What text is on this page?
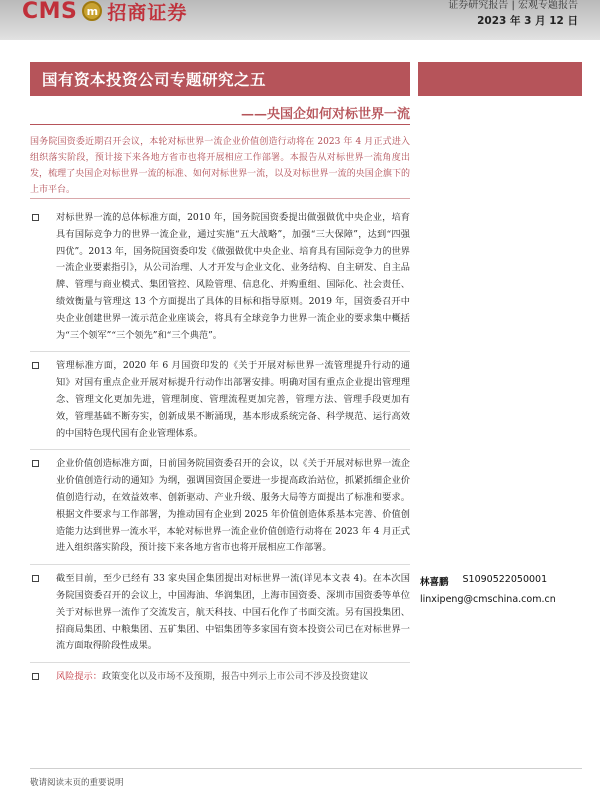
CMS m 招商证券	证券研究报告 | 宏观专题报告
2023 年 3 月 12 日
国有资本投资公司专题研究之五
——央国企如何对标世界一流
国务院国资委近期召开会议，本轮对标世界一流企业价值创造行动将在 2023 年 4 月正式进入组织落实阶段，预计接下来各地方省市也将开展相应工作部署。本报告从对标世界一流角度出发，梳理了央国企对标世界一流的标准、如何对标世界一流，以及对标世界一流的央国企旗下的上市平台。
对标世界一流的总体标准方面，2010 年，国务院国资委提出做强做优中央企业，培育具有国际竞争力的世界一流企业，通过实施“五大战略”，加强“三大保障”，达到“四强四优”。2013 年，国务院国资委印发《做强做优中央企业、培育具有国际竞争力的世界一流企业要素指引》，从公司治理、人才开发与企业文化、业务结构、自主研发、自主品牌、管理与商业模式、集团管控、风险管理、信息化、并购重组、国际化、社会责任、绩效衡量与管理这 13 个方面提出了具体的目标和指导原则。2019 年，国资委召开中央企业创建世界一流示范企业座谈会，将具有全球竞争力世界一流企业的要求集中概括为“三个领军”“三个领先”和“三个典范”。
管理标准方面，2020 年 6 月国资印发的《关于开展对标世界一流管理提升行动的通知》对国有重点企业开展对标提升行动作出部署安排。明确对国有重点企业提出管理理念、管理文化更加先进，管理制度、管理流程更加完善，管理方法、管理手段更加有效，管理基础不断夯实，创新成果不断涌现，基本形成系统完备、科学规范、运行高效的中国特色现代国有企业管理体系。
企业价值创造标准方面，日前国务院国资委召开的会议，以《关于开展对标世界一流企业价值创造行动的通知》为纲，强调国资国企要进一步提高政治站位，抓紧抓细企业价值创造行动，在效益效率、创新驱动、产业升级、服务大局等方面提出了标准和要求。根据文件要求与工作部署，为推动国有企业到 2025 年价值创造体系基本完善、价值创造能力达到世界一流水平，本轮对标世界一流企业价值创造行动将在 2023 年 4 月正式进入组织落实阶段，预计接下来各地方省市也将开展相应工作部署。
截至目前，至少已经有 33 家央国企集团提出对标世界一流(详见本文表 4)。在本次国务院国资委召开的会议上，中国海油、华润集团，上海市国资委、深圳市国资委等单位关于对标世界一流作了交流发言，航天科技、中国石化作了书面交流。另有国投集团、招商局集团、中粮集团、五矿集团、中铝集团等多家国有资本投资公司已在对标世界一流方面取得阶段性成果。
风险提示：政策变化以及市场不及预期，报告中列示上市公司不涉及投资建议
林喜鹏 S1090522050001
linxipeng@cmschina.com.cn
敬请阅读末页的重要说明
